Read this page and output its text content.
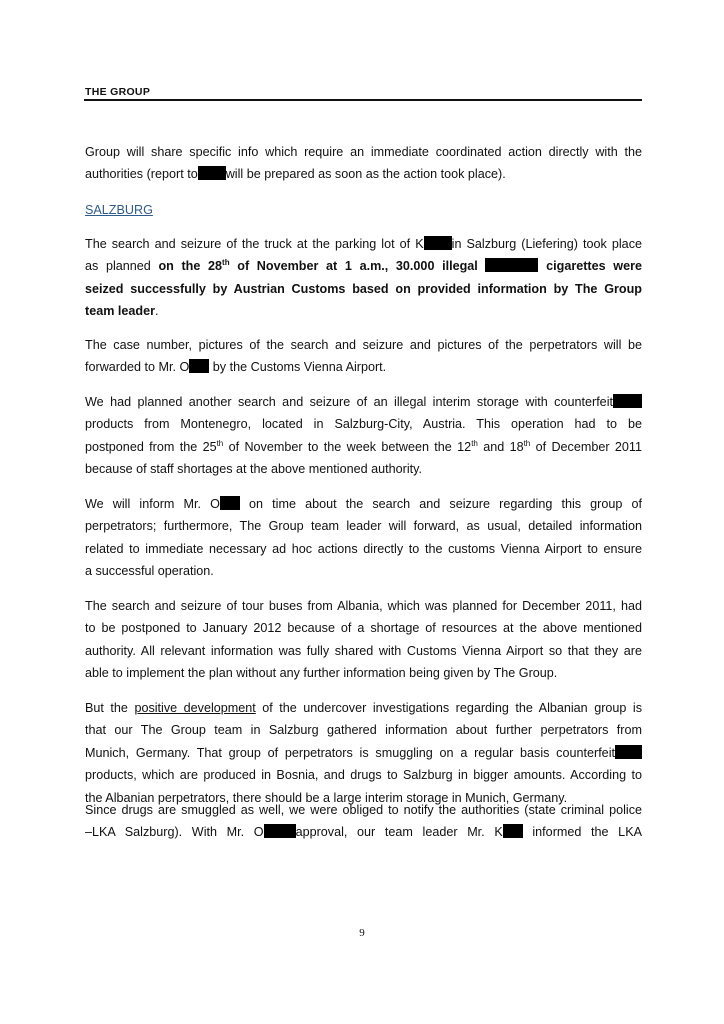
THE GROUP
SALZBURG
Group will share specific info which require an immediate coordinated action directly with the
authorities (report to will be prepared as soon as the action took place).
The search and seizure of the truck at the parking lot of K in Salzburg (Liefering) took place
as planned on the 28th of November at 1 a.m., 30.000 illegal	cigarettes were
seized successfully by Austrian Customs based on provided information by The Group
team leader.
The case number, pictures of the search and seizure and pictures of the perpetrators will be
forwarded to Mr. O by the Customs Vienna Airport.
We had planned another search and seizure of an illegal interim storage with counterfeit
products from Montenegro, located in Salzburg-City, Austria. This operation had to be
postponed from the 25th of November to the week between the 12th and 18th of December 2011
because of staff shortages at the above mentioned authority.
We will inform Mr. O on time about the search and seizure regarding this group of
perpetrators; furthermore, The Group team leader will forward, as usual, detailed information
related to immediate necessary ad hoc actions directly to the customs Vienna Airport to ensure
a successful operation.
The search and seizure of tour buses from Albania, which was planned for December 2011, had
to be postponed to January 2012 because of a shortage of resources at the above mentioned
authority. All relevant information was fully shared with Customs Vienna Airport so that they are
able to implement the plan without any further information being given by The Group.
But the positive development of the undercover investigations regarding the Albanian group is
that our The Group team in Salzburg gathered information about further perpetrators from
Munich, Germany. That group of perpetrators is smuggling on a regular basis counterfeit
products, which are produced in Bosnia, and drugs to Salzburg in bigger amounts. According to
the Albanian perpetrators, there should be a large interim storage in Munich, Germany.
Since drugs are smuggled as well, we were obliged to notify the authorities (state criminal police
–LKA Salzburg). With Mr. O	approval, our team leader Mr. K informed the LKA
9
